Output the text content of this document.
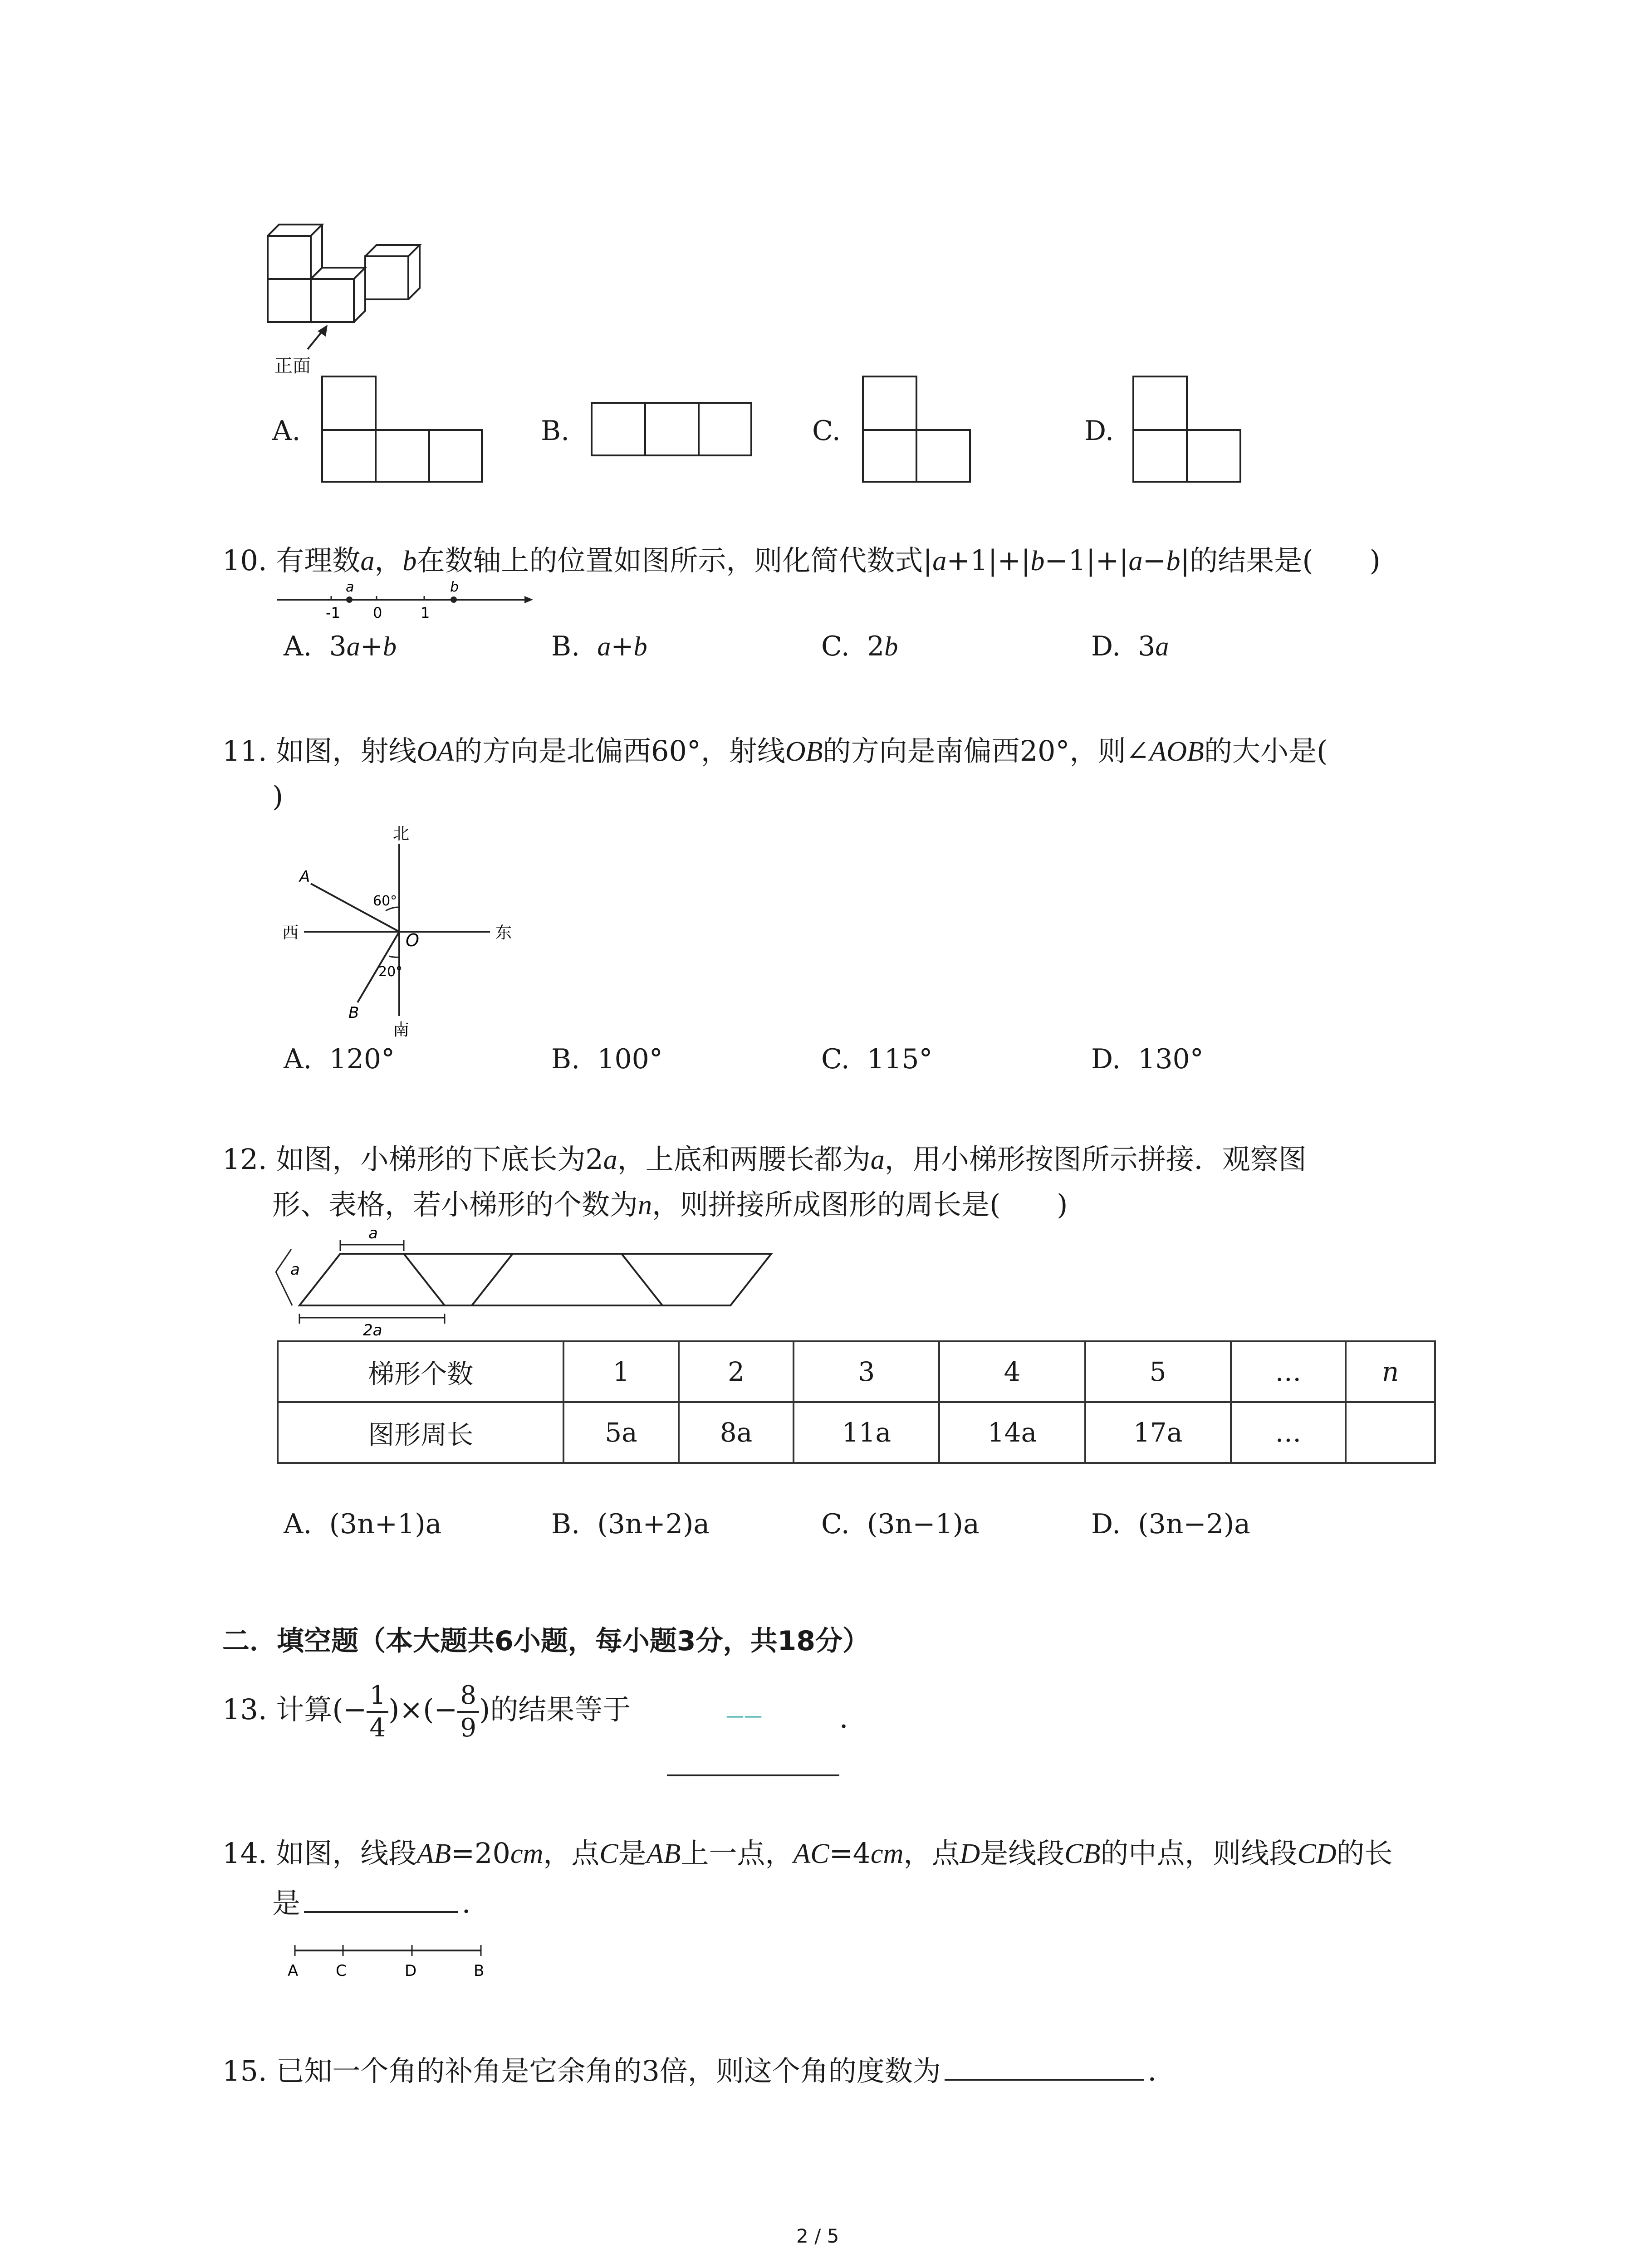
正面
A.	B.	C.	D.
10. 有理数a，b在数轴上的位置如图所示，则化简代数式|a+1|+|b−1|+|a−b|的结果是(　　)
-1 0	1
a	b
A. 3a+b	B. a+b	C. 2b	D. 3a
11. 如图，射线OA的方向是北偏西60°，射线OB的方向是南偏西20°，则∠AOB的大小是(
)
北
南
东
西	O
A
B
60°
20°
A. 120°	B. 100°	C. 115°	D. 130°
12. 如图，小梯形的下底长为2a，上底和两腰长都为a，用小梯形按图所示拼接．观察图
形、表格，若小梯形的个数为n，则拼接所成图形的周长是(　　)
a
a
2a
梯形个数	1	2	3	4	5	…	n
图形周长	5a	8a	11a	14a	17a	…	
A. (3n+1)a	B. (3n+2)a	C. (3n−1)a	D. (3n−2)a
二．填空题（本大题共6小题，每小题3分，共18分）
13. 计算(− $\frac{1}{4}$ )×(− $\frac{8}{9}$ )的结果等于	——	．
14. 如图，线段AB=20cm，点C是AB上一点，AC=4cm，点D是线段CB的中点，则线段CD的长
是	．
A C	D	B
15. 已知一个角的补角是它余角的3倍，则这个角的度数为	．
2 / 5
